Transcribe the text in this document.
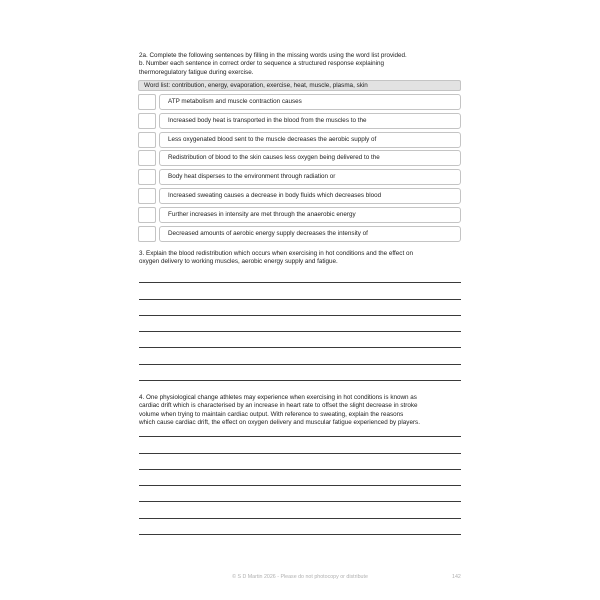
2a. Complete the following sentences by filling in the missing words using the word list provided.
b. Number each sentence in correct order to sequence a structured response explaining
thermoregulatory fatigue during exercise.
Word list: contribution, energy, evaporation, exercise, heat, muscle, plasma, skin
ATP metabolism and muscle contraction causes
Increased body heat is transported in the blood from the muscles to the
Less oxygenated blood sent to the muscle decreases the aerobic supply of
Redistribution of blood to the skin causes less oxygen being delivered to the
Body heat disperses to the environment through radiation or
Increased sweating causes a decrease in body fluids which decreases blood
Further increases in intensity are met through the anaerobic energy
Decreased amounts of aerobic energy supply decreases the intensity of
3. Explain the blood redistribution which occurs when exercising in hot conditions and the effect on
oxygen delivery to working muscles, aerobic energy supply and fatigue.
4. One physiological change athletes may experience when exercising in hot conditions is known as
cardiac drift which is characterised by an increase in heart rate to offset the slight decrease in stroke
volume when trying to maintain cardiac output. With reference to sweating, explain the reasons
which cause cardiac drift, the effect on oxygen delivery and muscular fatigue experienced by players.
© S D Martin 2026 - Please do not photocopy or distribute	142
